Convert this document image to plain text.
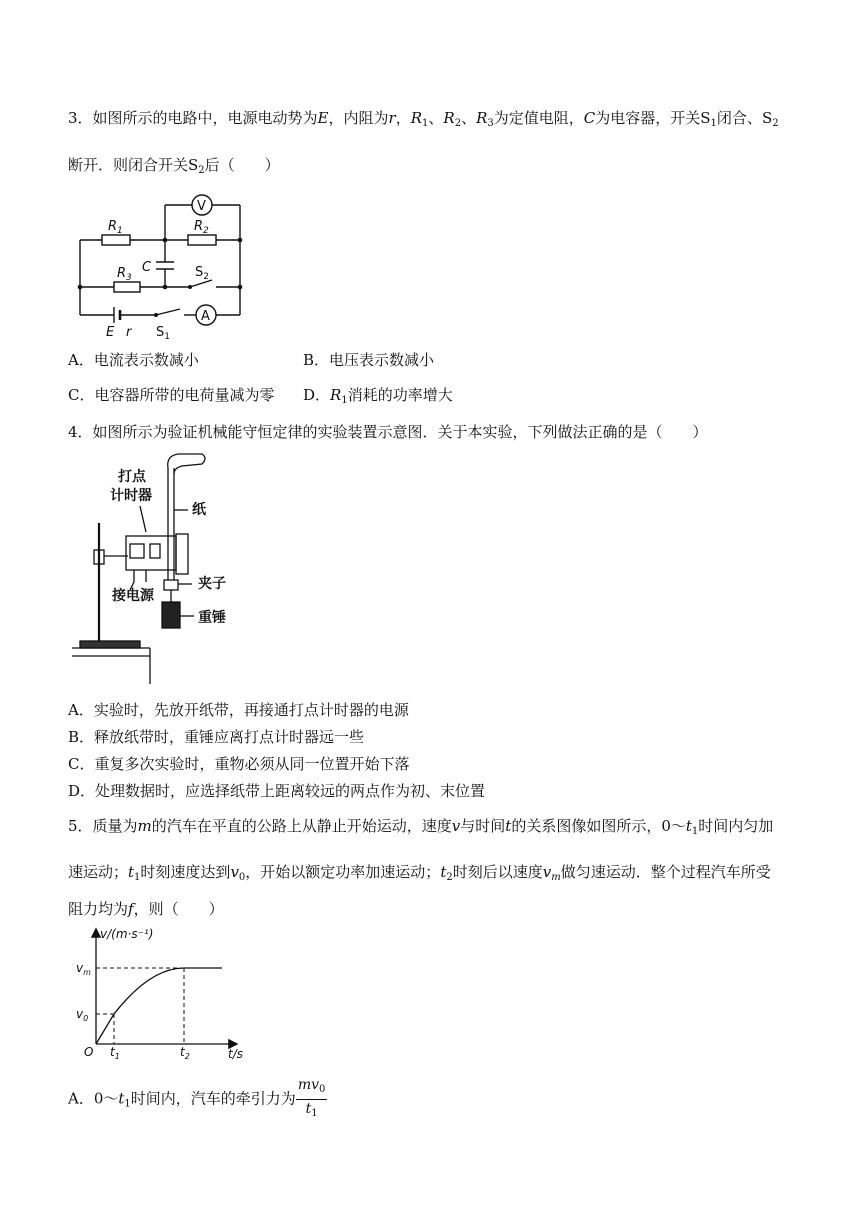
3．如图所示的电路中，电源电动势为E，内阻为r，$R_1$、$R_2$、$R_3$为定值电阻，C为电容器，开关$S_1$闭合、$S_2$
断开．则闭合开关$S_2$后（　　）
V
A
$R_1$	$R_2$
$R_3$
C	$S_2$
E r $S_1$
A．电流表示数减小	B．电压表示数减小
C．电容器所带的电荷量减为零 D．$R_1$消耗的功率增大
4．如图所示为验证机械能守恒定律的实验装置示意图．关于本实验，下列做法正确的是（　　）
打点
计时器
纸
接电源
夹子
重锤
A．实验时，先放开纸带，再接通打点计时器的电源
B．释放纸带时，重锤应离打点计时器远一些
C．重复多次实验时，重物必须从同一位置开始下落
D．处理数据时，应选择纸带上距离较远的两点作为初、末位置
5．质量为m的汽车在平直的公路上从静止开始运动，速度v与时间t的关系图像如图所示，$0\sim t_1$时间内匀加
速运动；$t_1$时刻速度达到$v_0$，开始以额定功率加速运动；$t_2$时刻后以速度$v_m$做匀速运动．整个过程汽车所受
阻力均为f，则（　　）
v/(m·s⁻¹)
t/s
$v_m$
$v_0$
O $t_1$	$t_2$
A．$0\sim t_1$时间内，汽车的牵引力为 $\frac{mv_0}{t_1}$
